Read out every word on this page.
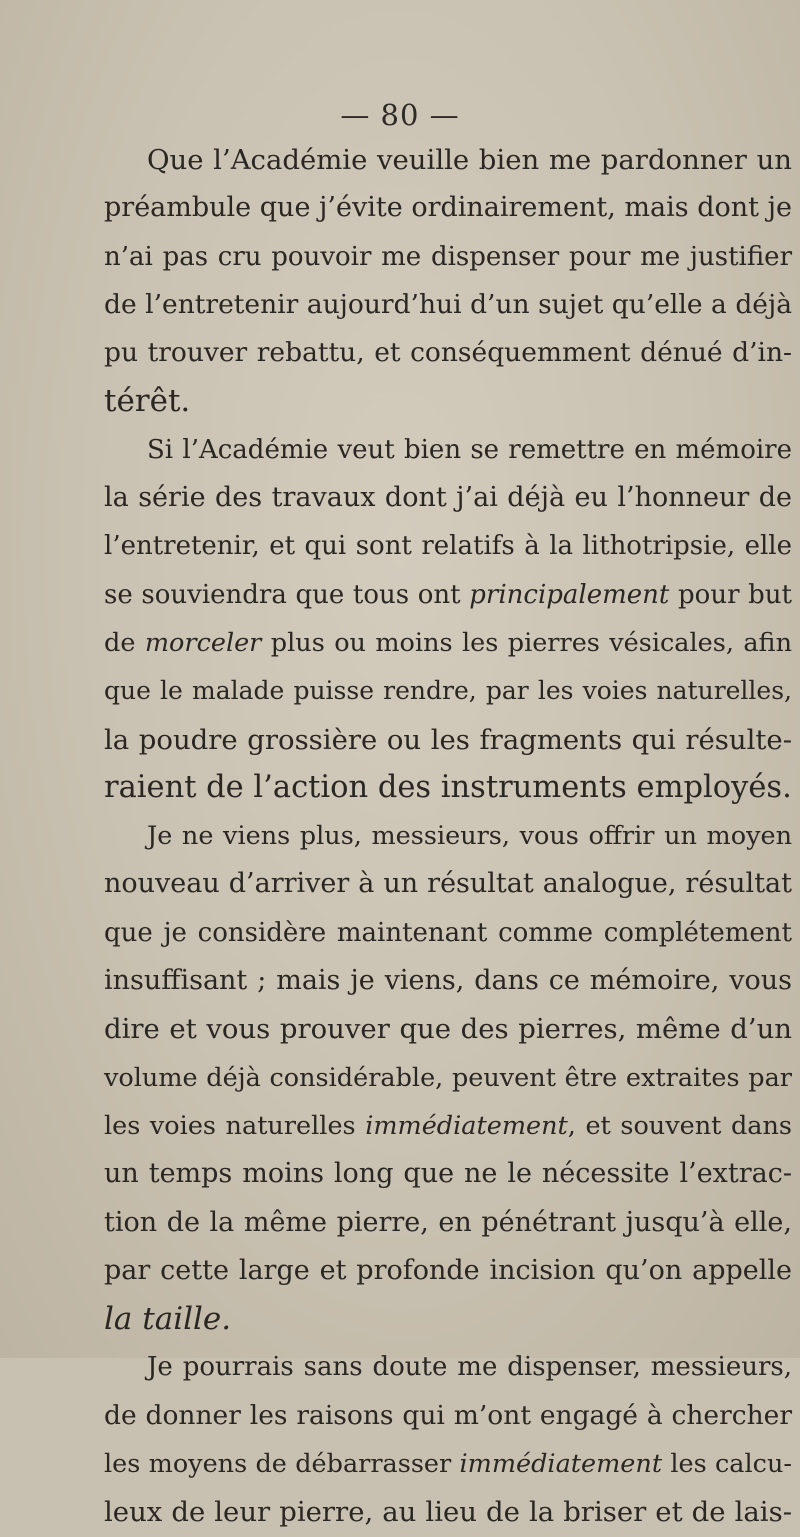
— 80 —
Que l’Académie veuille bien me pardonner un
préambule que j’évite ordinairement, mais dont je
n’ai pas cru pouvoir me dispenser pour me justifier
de l’entretenir aujourd’hui d’un sujet qu’elle a déjà
pu trouver rebattu, et conséquemment dénué d’in-
térêt.
Si l’Académie veut bien se remettre en mémoire
la série des travaux dont j’ai déjà eu l’honneur de
l’entretenir, et qui sont relatifs à la lithotripsie, elle
se souviendra que tous ont principalement pour but
de morceler plus ou moins les pierres vésicales, afin
que le malade puisse rendre, par les voies naturelles,
la poudre grossière ou les fragments qui résulte-
raient de l’action des instruments employés.
Je ne viens plus, messieurs, vous offrir un moyen
nouveau d’arriver à un résultat analogue, résultat
que je considère maintenant comme complétement
insuffisant ; mais je viens, dans ce mémoire, vous
dire et vous prouver que des pierres, même d’un
volume déjà considérable, peuvent être extraites par
les voies naturelles immédiatement, et souvent dans
un temps moins long que ne le nécessite l’extrac-
tion de la même pierre, en pénétrant jusqu’à elle,
par cette large et profonde incision qu’on appelle
la taille.
Je pourrais sans doute me dispenser, messieurs,
de donner les raisons qui m’ont engagé à chercher
les moyens de débarrasser immédiatement les calcu-
leux de leur pierre, au lieu de la briser et de lais-
